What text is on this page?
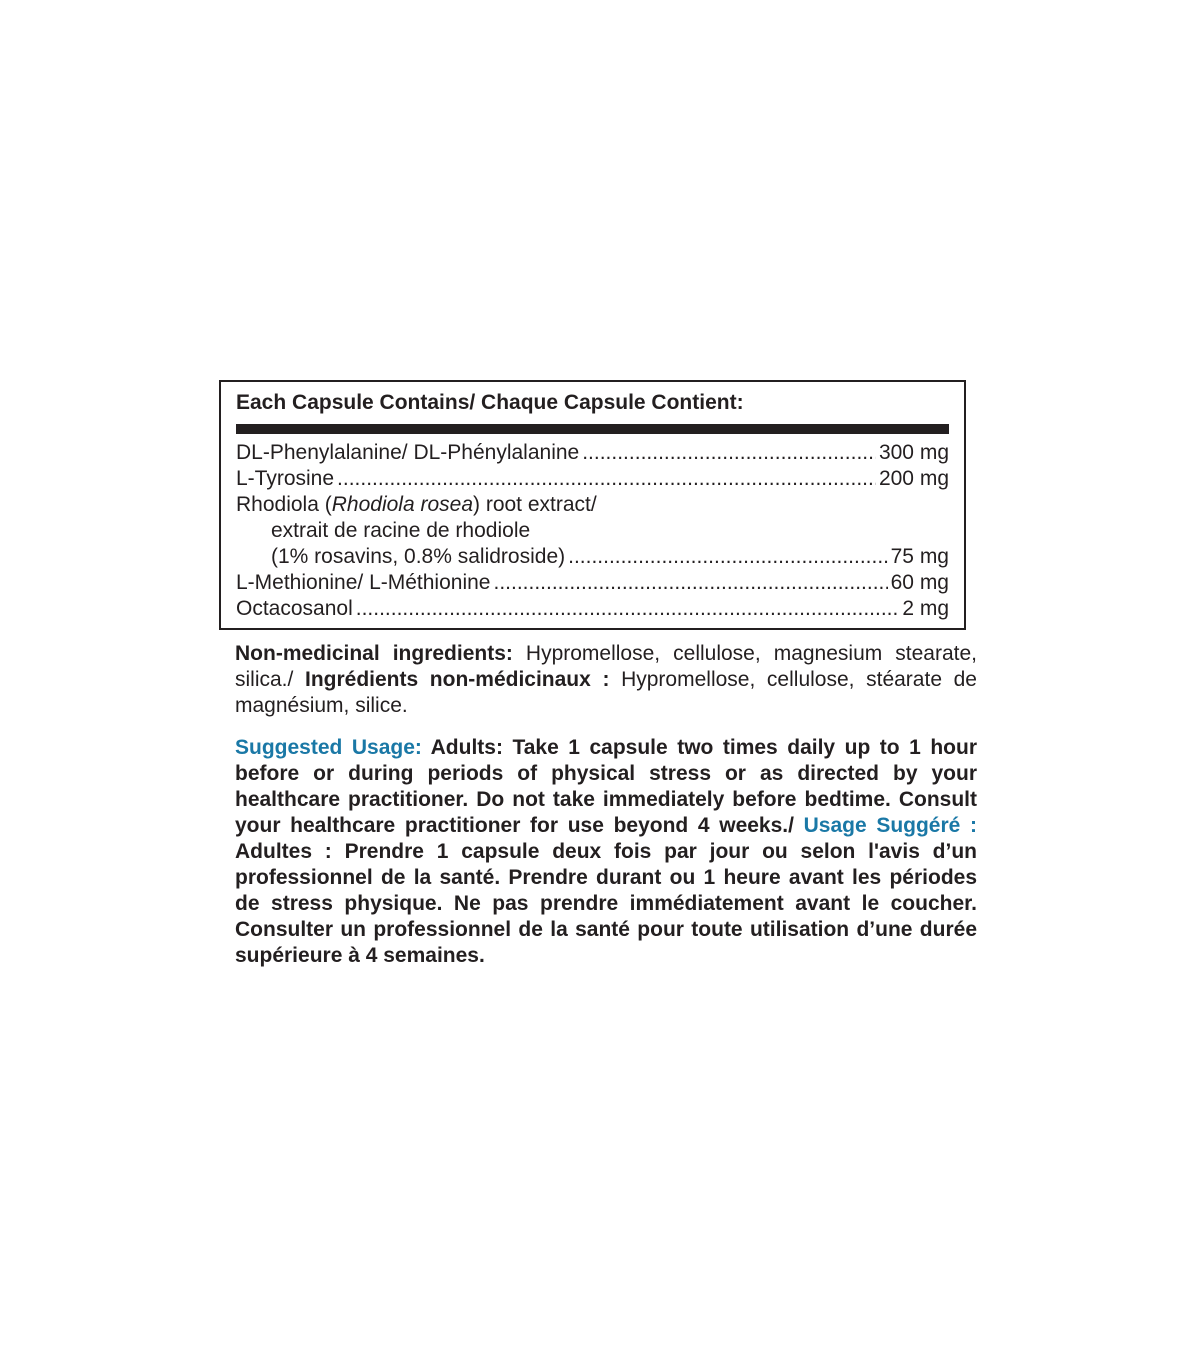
Each Capsule Contains/ Chaque Capsule Contient:
DL-Phenylalanine/ DL-Phénylalanine .....	300 mg
L-Tyrosine .....	200 mg
Rhodiola (Rhodiola rosea) root extract/
extrait de racine de rhodiole
(1% rosavins, 0.8% salidroside) .....	75 mg
L-Methionine/ L-Méthionine .....	60 mg
Octacosanol .....	2 mg
Non-medicinal ingredients: Hypromellose, cellulose, magnesium stearate, silica./ Ingrédients non-médicinaux : Hypromellose, cellulose, stéarate de magnésium, silice.
Suggested Usage: Adults: Take 1 capsule two times daily up to 1 hour before or during periods of physical stress or as directed by your healthcare practitioner. Do not take immediately before bedtime. Consult your healthcare practitioner for use beyond 4 weeks./ Usage Suggéré : Adultes : Prendre 1 capsule deux fois par jour ou selon l'avis d’un professionnel de la santé. Prendre durant ou 1 heure avant les périodes de stress physique. Ne pas prendre immédiatement avant le coucher. Consulter un professionnel de la santé pour toute utilisation d’une durée supérieure à 4 semaines.
